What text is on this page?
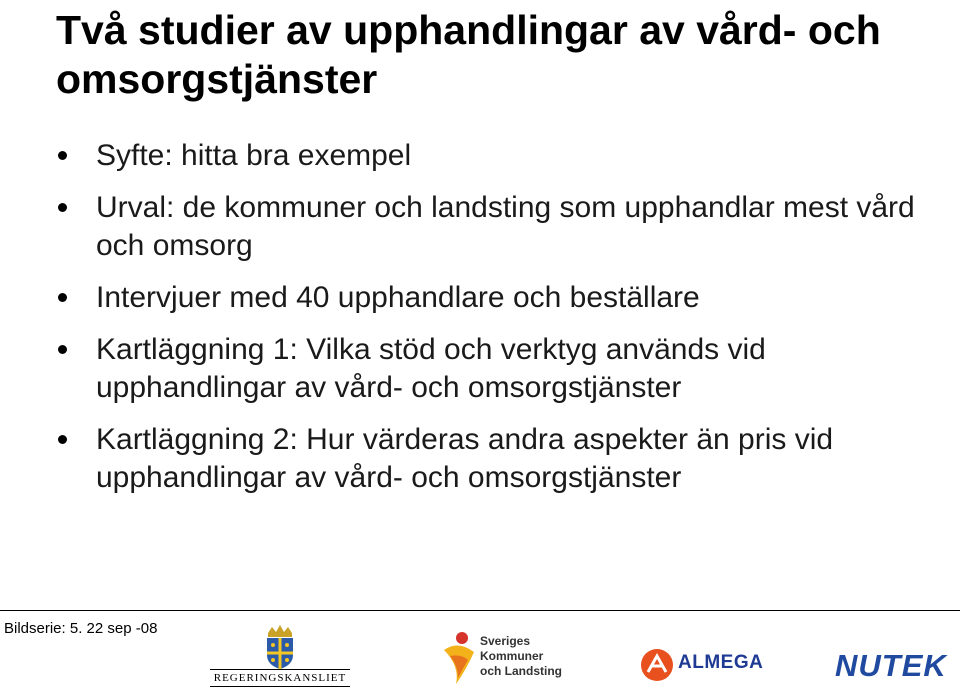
Två studier av upphandlingar av vård- och omsorgstjänster
Syfte: hitta bra exempel
Urval: de kommuner och landsting som upphandlar mest vård och omsorg
Intervjuer med 40 upphandlare och beställare
Kartläggning 1: Vilka stöd och verktyg används vid upphandlingar av vård- och omsorgstjänster
Kartläggning 2: Hur värderas andra aspekter än pris vid upphandlingar av vård- och omsorgstjänster
Bildserie: 5. 22 sep -08
REGERINGSKANSLIET
Sveriges
Kommuner
och Landsting	ALMEGA NUTEK
